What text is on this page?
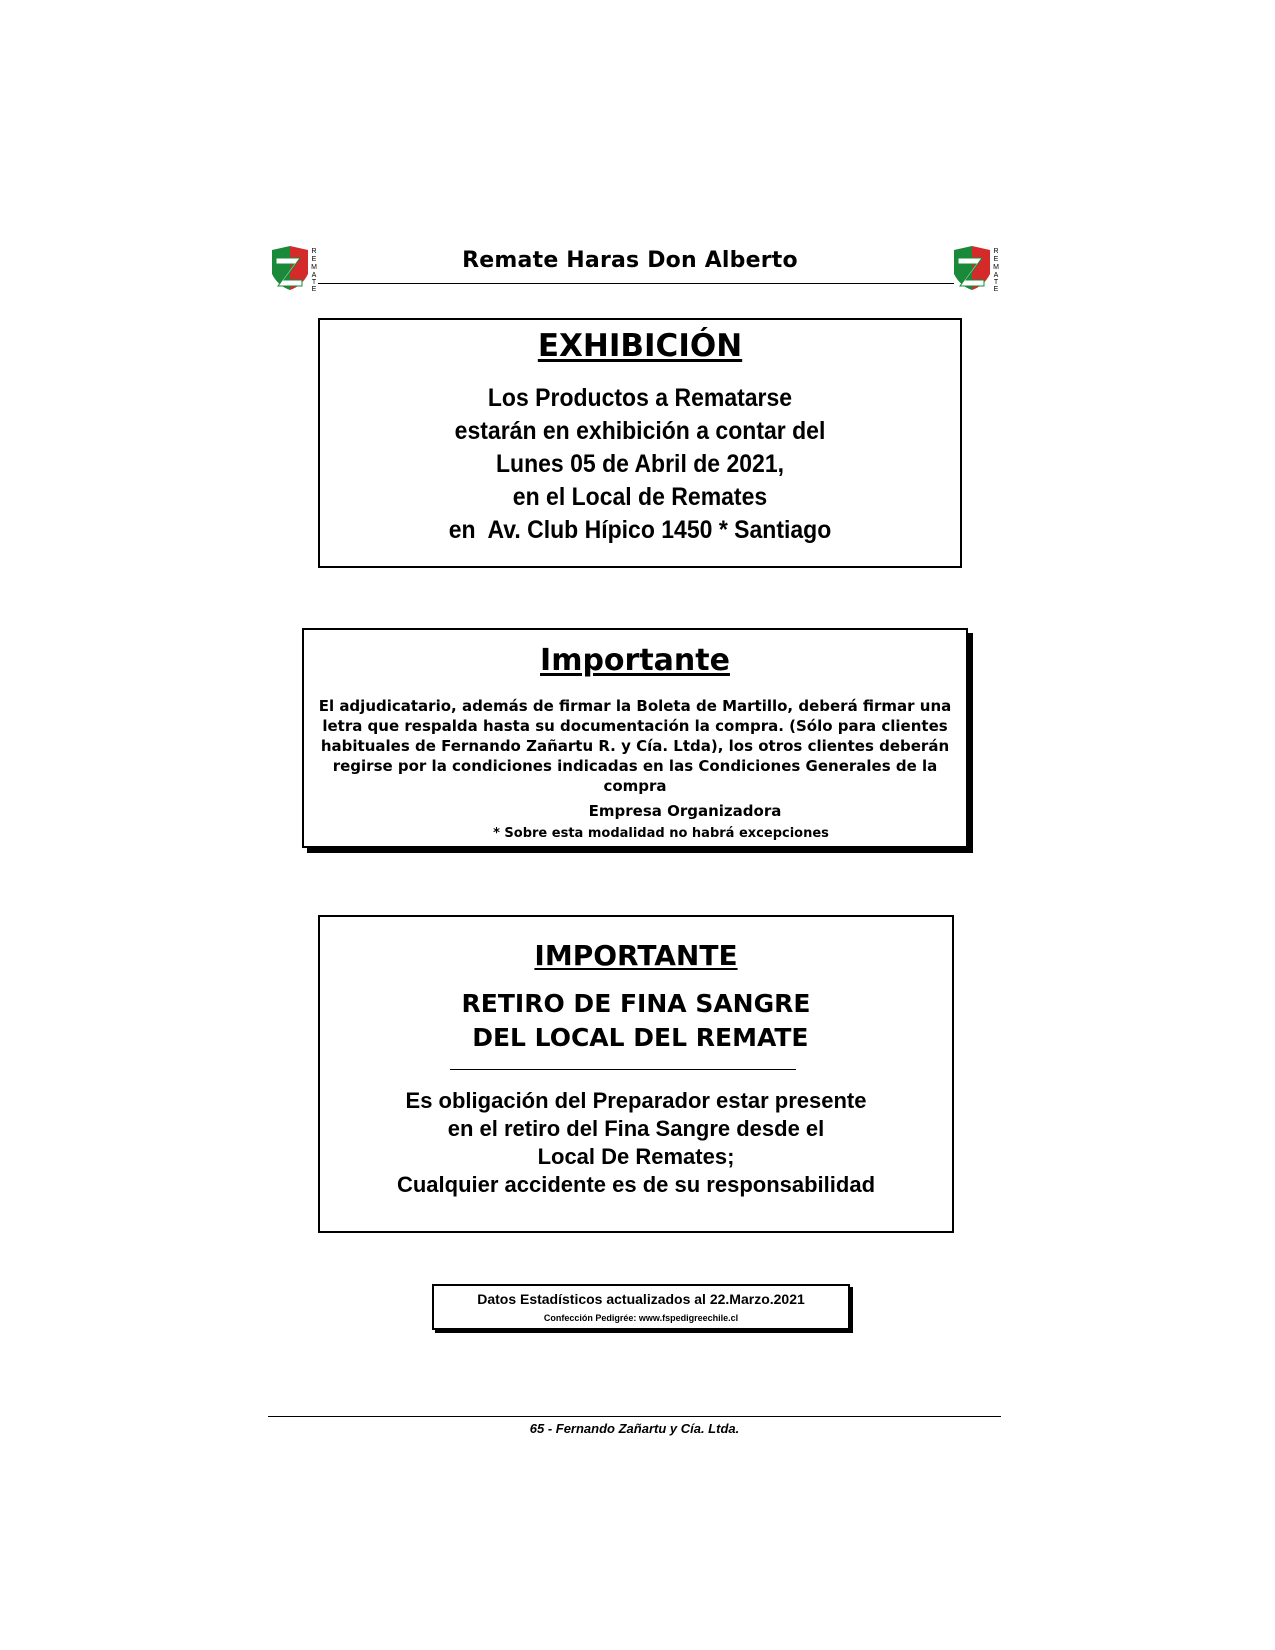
R
E
M
A
T
E
R
E
M
A
T
E
Remate Haras Don Alberto
EXHIBICIÓN
Los Productos a Rematarse
estarán en exhibición a contar del
Lunes 05 de Abril de 2021,
en el Local de Remates
en  Av. Club Hípico 1450 * Santiago
Importante
El adjudicatario, además de firmar la Boleta de Martillo, deberá firmar una letra que respalda hasta su documentación la compra. (Sólo para clientes habituales de Fernando Zañartu R. y Cía. Ltda), los otros clientes deberán regirse por la condiciones indicadas en las Condiciones Generales de la compra
Empresa Organizadora
* Sobre esta modalidad no habrá excepciones
IMPORTANTE
RETIRO DE FINA SANGRE
DEL LOCAL DEL REMATE
Es obligación del Preparador estar presente
en el retiro del Fina Sangre desde el
Local De Remates;
Cualquier accidente es de su responsabilidad
Datos Estadísticos actualizados al 22.Marzo.2021
Confección Pedigrée: www.fspedigreechile.cl
65 - Fernando Zañartu y Cía. Ltda.
